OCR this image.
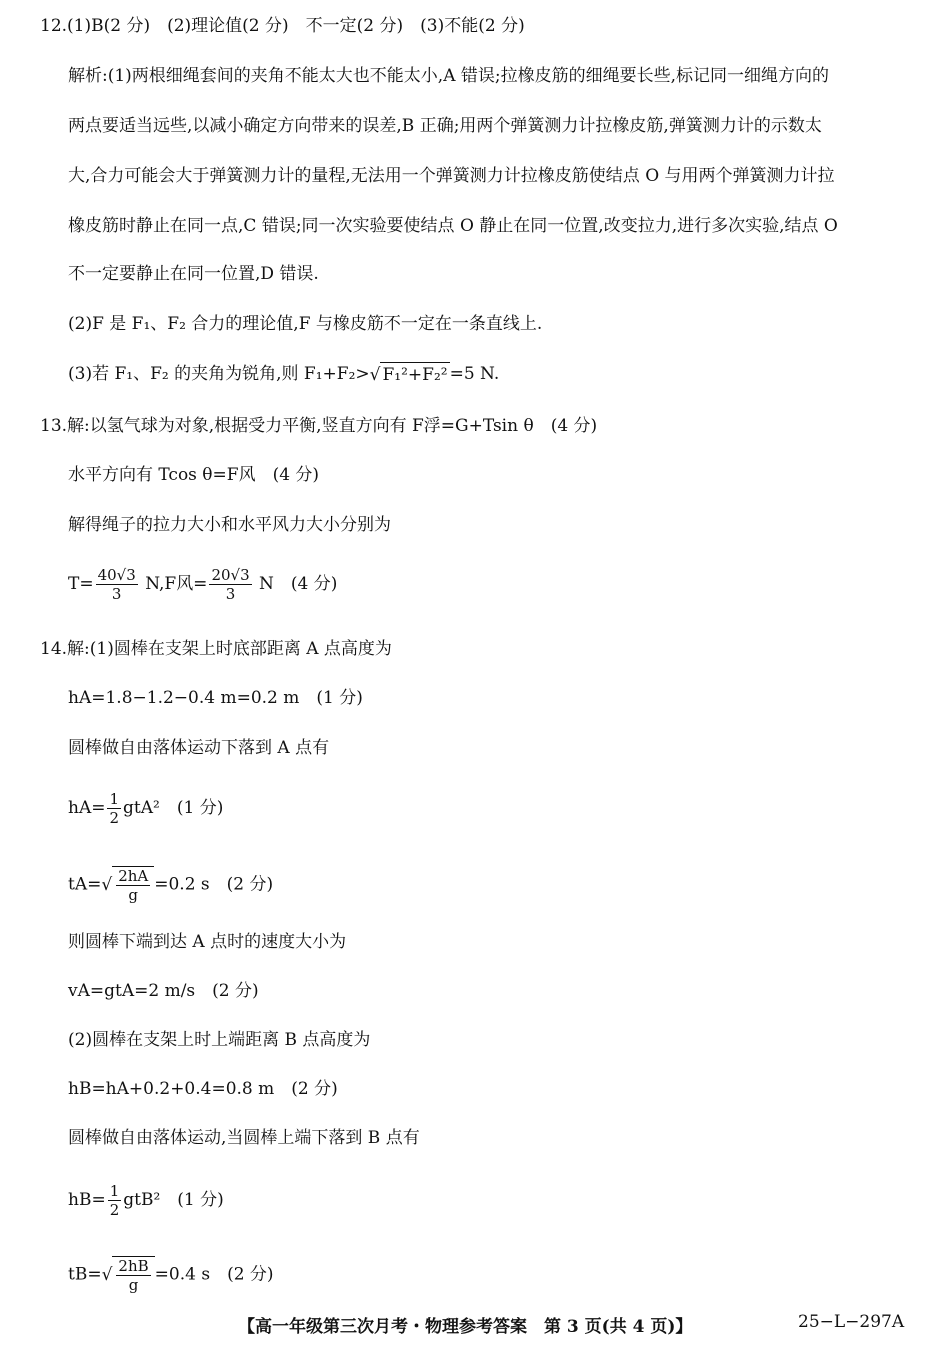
12.(1)B(2 分)　(2)理论值(2 分)　不一定(2 分)　(3)不能(2 分)
解析:(1)两根细绳套间的夹角不能太大也不能太小,A 错误;拉橡皮筋的细绳要长些,标记同一细绳方向的
两点要适当远些,以减小确定方向带来的误差,B 正确;用两个弹簧测力计拉橡皮筋,弹簧测力计的示数太
大,合力可能会大于弹簧测力计的量程,无法用一个弹簧测力计拉橡皮筋使结点 O 与用两个弹簧测力计拉
橡皮筋时静止在同一点,C 错误;同一次实验要使结点 O 静止在同一位置,改变拉力,进行多次实验,结点 O
不一定要静止在同一位置,D 错误.
(2)F 是 F₁、F₂ 合力的理论值,F 与橡皮筋不一定在一条直线上.
(3)若 F₁、F₂ 的夹角为锐角,则 F₁+F₂>√ F₁²+F₂² =5 N.
13.解:以氢气球为对象,根据受力平衡,竖直方向有 F浮=G+Tsin θ　(4 分)
水平方向有 Tcos θ=F风　(4 分)
解得绳子的拉力大小和水平风力大小分别为
$T= \frac{40√3}{3} N,F$风= $\frac{20√3}{3}$ N　(4 分)
14.解:(1)圆棒在支架上时底部距离 A 点高度为
hA=1.8−1.2−0.4 m=0.2 m　(1 分)
圆棒做自由落体运动下落到 A 点有
$hA= \frac{1}{2} gtA^2$　(1 分)
$tA=√ \frac{2hA}{g} =0.2$ s　(2 分)
则圆棒下端到达 A 点时的速度大小为
vA=gtA=2 m/s　(2 分)
(2)圆棒在支架上时上端距离 B 点高度为
hB=hA+0.2+0.4=0.8 m　(2 分)
圆棒做自由落体运动,当圆棒上端下落到 B 点有
$hB= \frac{1}{2} gtB^2$　(1 分)
$tB=√ \frac{2hB}{g} =0.4$ s　(2 分)
【高一年级第三次月考・物理参考答案　第 3 页(共 4 页)】	25−L−297A
